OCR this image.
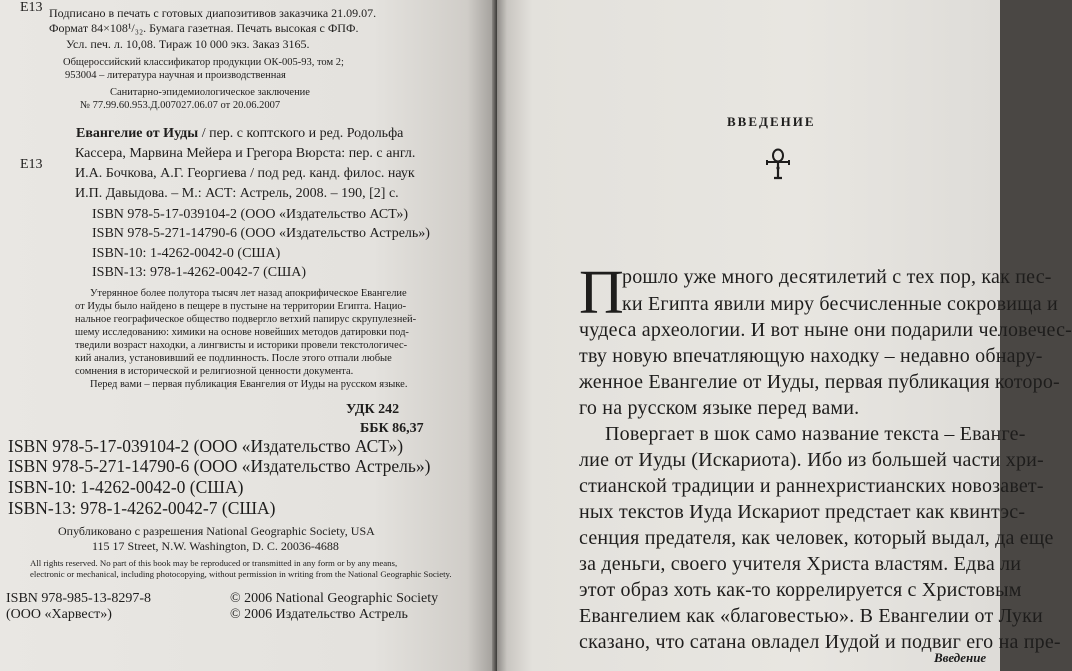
Е13 Подписано в печать с готовых диапозитивов заказчика 21.09.07.
Формат 84×108¹/₃₂. Бумага газетная. Печать высокая с ФПФ.
Усл. печ. л. 10,08. Тираж 10 000 экз. Заказ 3165.
Общероссийский классификатор продукции ОК-005-93, том 2;
953004 – литература научная и производственная
Санитарно-эпидемиологическое заключение
№ 77.99.60.953.Д.007027.06.07 от 20.06.2007
Евангелие от Иуды / пер. с коптского и ред. Родольфа
Е13
Кассера, Марвина Мейера и Грегора Вюрста: пер. с англ.
И.А. Бочкова, А.Г. Георгиева / под ред. канд. филос. наук
И.П. Давыдова. – М.: АСТ: Астрель, 2008. – 190, [2] с.
ISBN 978-5-17-039104-2 (ООО «Издательство АСТ»)
ISBN 978-5-271-14790-6 (ООО «Издательство Астрель»)
ISBN-10: 1-4262-0042-0 (США)
ISBN-13: 978-1-4262-0042-7 (США)
Утерянное более полутора тысяч лет назад апокрифическое Евангелие
от Иуды было найдено в пещере в пустыне на территории Египта. Нацио-
нальное географическое общество подвергло ветхий папирус скрупулезней-
шему исследованию: химики на основе новейших методов датировки под-
тведили возраст находки, а лингвисты и историки провели текстологичес-
кий анализ, установивший ее подлинность. После этого отпали любые
сомнения в исторической и религиозной ценности документа.
Перед вами – первая публикация Евангелия от Иуды на русском языке.
УДК 242
ББК 86,37
ISBN 978-5-17-039104-2 (ООО «Издательство АСТ»)
ISBN 978-5-271-14790-6 (ООО «Издательство Астрель»)
ISBN-10: 1-4262-0042-0 (США)
ISBN-13: 978-1-4262-0042-7 (США)
Опубликовано с разрешения National Geographic Society, USA
115 17 Street, N.W. Washington, D. C. 20036-4688
All rights reserved. No part of this book may be reproduced or transmitted in any form or by any means,
electronic or mechanical, including photocopying, without permission in writing from the National Geographic Society.
ISBN 978-985-13-8297-8
(ООО «Харвест»)
© 2006 National Geographic Society
© 2006 Издательство Астрель
ВВЕДЕНИЕ
П
рошло уже много десятилетий с тех пор, как пес-
ки Египта явили миру бесчисленные сокровища и
чудеса археологии. И вот ныне они подарили человечес-
тву новую впечатляющую находку – недавно обнару-
женное Евангелие от Иуды, первая публикация которо-
го на русском языке перед вами.
Повергает в шок само название текста – Еванге-
лие от Иуды (Искариота). Ибо из большей части хри-
стианской традиции и раннехристианских новозавет-
ных текстов Иуда Искариот предстает как квинтэс-
сенция предателя, как человек, который выдал, да еще
за деньги, своего учителя Христа властям. Едва ли
этот образ хоть как-то коррелируется с Христовым
Евангелием как «благовестью». В Евангелии от Луки
сказано, что сатана овладел Иудой и подвиг его на пре-
Введение
